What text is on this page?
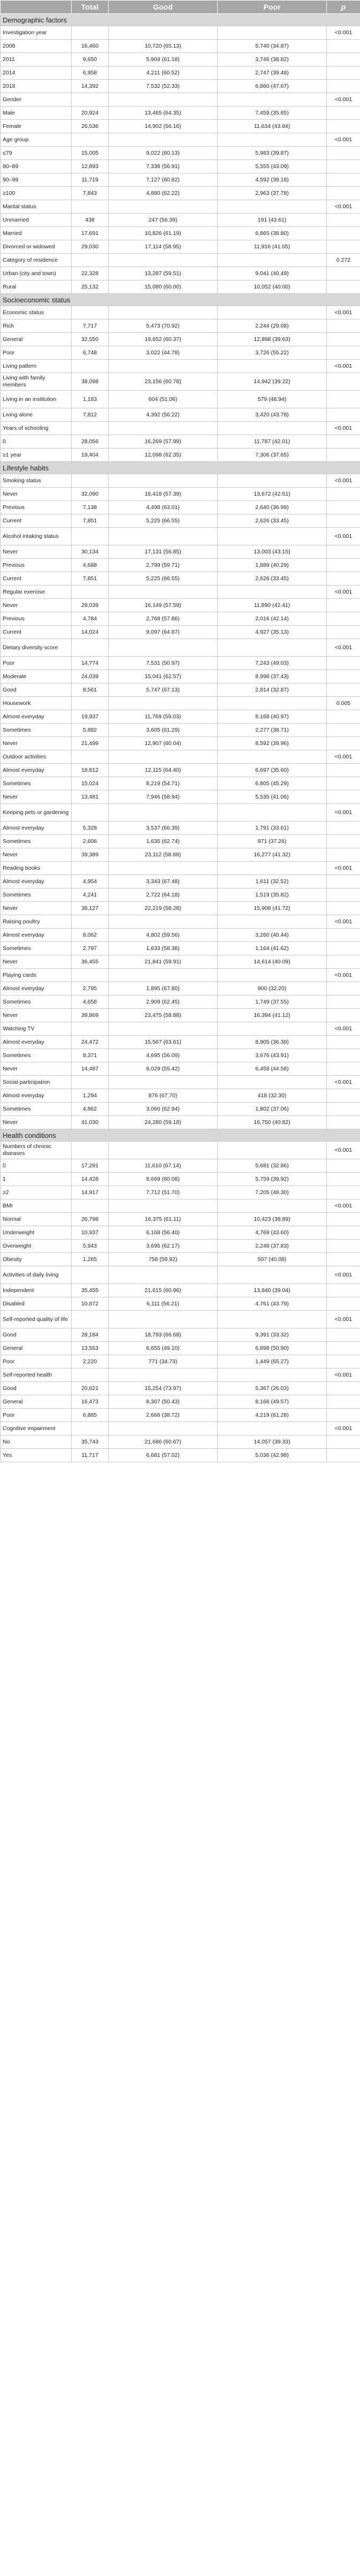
	Total	Good	Poor	p
Demographic factors				
Investigation year				<0.001
2008	16,460	10,720 (65.13)	5,740 (34.87)	
2011	9,650	5,904 (61.18)	3,746 (38.82)	
2014	6,958	4,211 (60.52)	2,747 (39.48)	
2018	14,392	7,532 (52.33)	6,860 (47.67)	
Gender				<0.001
Male	20,924	13,465 (64.35)	7,459 (35.65)	
Female	26,536	14,902 (56.16)	11,634 (43.84)	
Age group				<0.001
≤79	15,005	9,022 (60.13)	5,983 (39.87)	
80–89	12,893	7,338 (56.91)	5,555 (43.09)	
90–99	11,719	7,127 (60.82)	4,592 (39.18)	
≥100	7,843	4,880 (62.22)	2,963 (37.78)	
Marital status				<0.001
Unmarried	438	247 (56.39)	191 (43.61)	
Married	17,691	10,826 (61.19)	6,865 (38.80)	
Divorced or widowed	29,030	17,114 (58.95)	11,916 (41.05)	
Category of residence				0.272
Urban (city and town)	22,328	13,287 (59.51)	9,041 (40.49)	
Rural	25,132	15,080 (60.00)	10,052 (40.00)	
Socioeconomic status				
Economic status				<0.001
Rich	7,717	5,473 (70.92)	2,244 (29.08)	
General	32,550	19,652 (60.37)	12,898 (39.63)	
Poor	6,748	3,022 (44.78)	3,726 (55.22)	
Living pattern				<0.001
Living with family members	38,098	23,156 (60.78)	14,942 (39.22)	
Living in an institution	1,183	604 (51.06)	579 (48.94)	
Living alone	7,812	4,392 (56.22)	3,420 (43.78)	
Years of schooling				<0.001
0	28,056	16,269 (57.99)	11,787 (42.01)	
≥1 year	19,404	12,098 (62.35)	7,306 (37.65)	
Lifestyle habits				
Smoking status				<0.001
Never	32,090	18,418 (57.39)	13,672 (42.61)	
Previous	7,138	4,498 (63.01)	2,640 (36.99)	
Current	7,851	5,225 (66.55)	2,626 (33.45)	
Alcohol intaking status				<0.001
Never	30,134	17,131 (56.85)	13,003 (43.15)	
Previous	4,688	2,799 (59.71)	1,889 (40.29)	
Current	7,851	5,225 (66.55)	2,626 (33.45)	
Regular exercise				<0.001
Never	28,039	16,149 (57.59)	11,890 (42.41)	
Previous	4,784	2,768 (57.86)	2,016 (42.14)	
Current	14,024	9,097 (64.87)	4,927 (35.13)	
Dietary diversity score				<0.001
Poor	14,774	7,531 (50.97)	7,243 (49.03)	
Moderate	24,039	15,041 (62.57)	8,998 (37.43)	
Good	8,561	5,747 (67.13)	2,814 (32.87)	
Housework				0.005
Almost everyday	19,937	11,769 (59.03)	8,168 (40.97)	
Sometimes	5,882	3,605 (61.29)	2,277 (38.71)	
Never	21,499	12,907 (60.04)	8,592 (39.96)	
Outdoor activities				<0.001
Almost everyday	18,812	12,115 (64.40)	6,697 (35.60)	
Sometimes	15,024	8,219 (54.71)	6,805 (45.29)	
Never	13,481	7,946 (58.94)	5,535 (41.06)	
Keeping pets or gardening				<0.001
Almost everyday	5,328	3,537 (66.39)	1,791 (33.61)	
Sometimes	2,606	1,635 (62.74)	971 (37.26)	
Never	39,389	23,112 (58.68)	16,277 (41.32)	
Reading books				<0.001
Almost everyday	4,954	3,343 (67.48)	1,611 (32.52)	
Sometimes	4,241	2,722 (64.18)	1,519 (35.82)	
Never	38,127	22,219 (58.28)	15,908 (41.72)	
Raising poultry				<0.001
Almost everyday	8,062	4,802 (59.56)	3,260 (40.44)	
Sometimes	2,797	1,633 (58.38)	1,164 (41.62)	
Never	36,455	21,841 (59.91)	14,614 (40.09)	
Playing cards				<0.001
Almost everyday	2,795	1,895 (67.80)	900 (32.20)	
Sometimes	4,658	2,909 (62.45)	1,749 (37.55)	
Never	39,869	23,475 (58.88)	16,394 (41.12)	
Watching TV				<0.001
Almost everyday	24,472	15,567 (63.61)	8,905 (36.39)	
Sometimes	8,371	4,695 (56.09)	3,676 (43.91)	
Never	14,487	8,029 (55.42)	6,458 (44.58)	
Social participation				<0.001
Almost everyday	1,294	876 (67.70)	418 (32.30)	
Sometimes	4,862	3,060 (62.94)	1,802 (37.06)	
Never	41,030	24,280 (59.18)	16,750 (40.82)	
Health conditions				
Numbers of chronic diseases				<0.001
0	17,291	11,610 (67.14)	5,681 (32.86)	
1	14,428	8,669 (60.08)	5,759 (39.92)	
≥2	14,917	7,712 (51.70)	7,205 (48.30)	
BMI				<0.001
Normal	26,798	16,375 (61.11)	10,423 (38.89)	
Underweight	10,937	6,168 (56.40)	4,769 (43.60)	
Overweight	5,943	3,695 (62.17)	2,248 (37.83)	
Obesity	1,265	758 (59.92)	507 (40.08)	
Activities of daily living				<0.001
Independent	35,455	21,615 (60.96)	13,840 (39.04)	
Disabled	10,872	6,111 (56.21)	4,761 (43.79)	
Self-reported quality of life				<0.001
Good	28,184	18,793 (66.68)	9,391 (33.32)	
General	13,553	6,655 (49.10)	6,898 (50.90)	
Poor	2,220	771 (34.73)	1,449 (65.27)	
Self-reported health				<0.001
Good	20,621	15,254 (73.97)	5,367 (26.03)	
General	16,473	8,307 (50.43)	8,166 (49.57)	
Poor	6,885	2,666 (38.72)	4,219 (61.28)	
Cognitive impairment				<0.001
No	35,743	21,686 (60.67)	14,057 (39.33)	
Yes	11,717	6,681 (57.02)	5,036 (42.98)	
